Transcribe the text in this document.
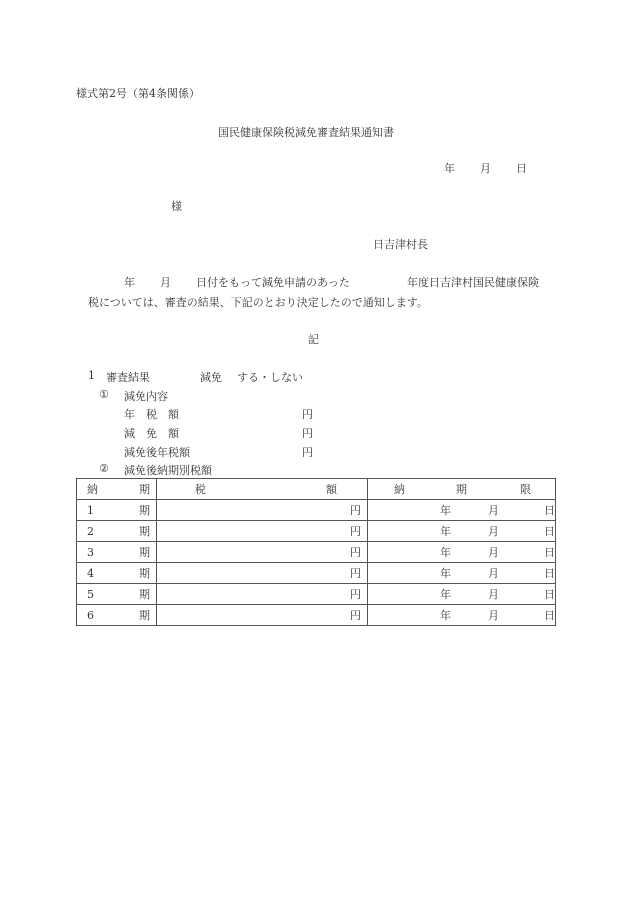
様式第2号（第4条関係）
国民健康保険税減免審査結果通知書
年 月 日
様
日吉津村長
年 月 日付をもって減免申請のあった	年度日吉津村国民健康保険
税については、審査の結果、下記のとおり決定したので通知します。
記
1 審査結果	減免 する・しない
① 減免内容
年　税　額	円
減　免　額	円
減免後年税額	円
② 減免後納期別税額
納 期	税 額	納 期 限

1 期	円	年 月 日

2 期	円	年 月 日

3 期	円	年 月 日

4 期	円	年 月 日

5 期	円	年 月 日

6 期	円	年 月 日
